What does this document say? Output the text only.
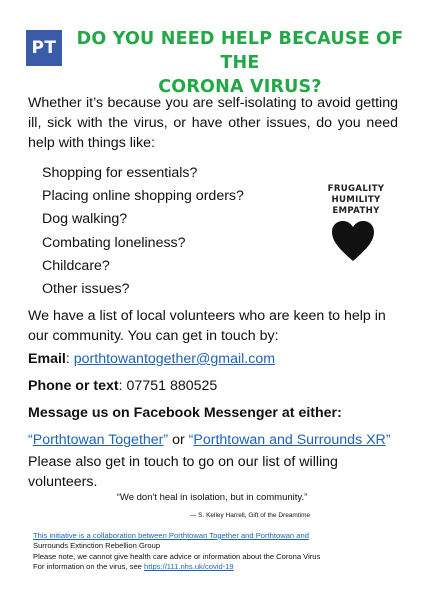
PT	DO YOU NEED HELP BECAUSE OF THE
CORONA VIRUS?
Whether it’s because you are self-isolating to avoid getting ill, sick with the virus, or have other issues, do you need help with things like:
Shopping for essentials?
Placing online shopping orders?
Dog walking?
Combating loneliness?
Childcare?
Other issues?
FRUGALITY
HUMILITY
EMPATHY
We have a list of local volunteers who are keen to help in our community. You can get in touch by:
Email: porthtowantogether@gmail.com
Phone or text: 07751 880525
Message us on Facebook Messenger at either:
“Porthtowan Together” or “Porthtowan and Surrounds XR”
Please also get in touch to go on our list of willing volunteers.
“We don't heal in isolation, but in community.”
— S. Kelley Harrell, Gift of the Dreamtime
This initiative is a collaboration between Porthtowan Together and Porthtowan and
Surrounds Extinction Rebellion Group
Please note, we cannot give health care advice or information about the Corona Virus
For information on the virus, see https://111.nhs.uk/covid-19
